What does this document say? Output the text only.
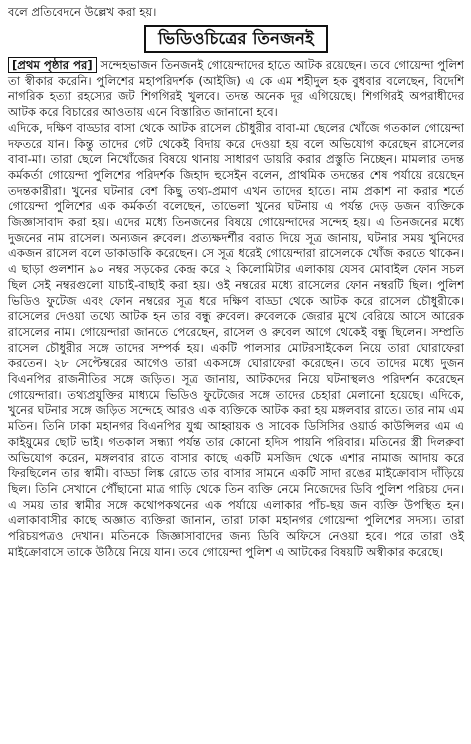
বলে প্রতিবেদনে উল্লেখ করা হয়।
ভিডিওচিত্রের তিনজনই
[প্রথম পৃষ্ঠার পর] সন্দেহভাজন তিনজনই গোয়েন্দাদের হাতে আটক রয়েছেন। তবে গোয়েন্দা পুলিশ তা স্বীকার করেনি। পুলিশের মহাপরিদর্শক (আইজি) এ কে এম শহীদুল হক বুধবার বলেছেন, বিদেশি নাগরিক হত্যা রহস্যের জট শিগগিরই খুলবে। তদন্ত অনেক দূর এগিয়েছে। শিগগিরই অপরাধীদের আটক করে বিচারের আওতায় এনে বিস্তারিত জানানো হবে।
এদিকে, দক্ষিণ বাড্ডার বাসা থেকে আটক রাসেল চৌধুরীর বাবা-মা ছেলের খোঁজে গতকাল গোয়েন্দা দফতরে যান। কিন্তু তাদের গেট থেকেই বিদায় করে দেওয়া হয় বলে অভিযোগ করেছেন রাসেলের বাবা-মা। তারা ছেলে নিখোঁজের বিষয়ে থানায় সাধারণ ডায়রি করার প্রস্তুতি নিচ্ছেন। মামলার তদন্ত কর্মকর্তা গোয়েন্দা পুলিশের পরিদর্শক জিহাদ হুসেইন বলেন, প্রাথমিক তদন্তের শেষ পর্যায়ে রয়েছেন তদন্তকারীরা। খুনের ঘটনার বেশ কিছু তথ্য-প্রমাণ এখন তাদের হাতে। নাম প্রকাশ না করার শর্তে গোয়েন্দা পুলিশের এক কর্মকর্তা বলেছেন, তাভেলা খুনের ঘটনায় এ পর্যন্ত দেড় ডজন ব্যক্তিকে জিজ্ঞাসাবাদ করা হয়। এদের মধ্যে তিনজনের বিষয়ে গোয়েন্দাদের সন্দেহ হয়। এ তিনজনের মধ্যে দুজনের নাম রাসেল। অন্যজন রুবেল। প্রত্যক্ষদর্শীর বরাত দিয়ে সূত্র জানায়, ঘটনার সময় খুনিদের একজন রাসেল বলে ডাকাডাকি করেছেন। সে সূত্র ধরেই গোয়েন্দারা রাসেলকে খোঁজ করতে থাকেন। এ ছাড়া গুলশান ৯০ নম্বর সড়কের কেন্দ্র করে ২ কিলোমিটার এলাকায় যেসব মোবাইল ফোন সচল ছিল সেই নম্বরগুলো যাচাই-বাছাই করা হয়। ওই নম্বরের মধ্যে রাসেলের ফোন নম্বরটি ছিল। পুলিশ ভিডিও ফুটেজ এবং ফোন নম্বরের সূত্র ধরে দক্ষিণ বাড্ডা থেকে আটক করে রাসেল চৌধুরীকে। রাসেলের দেওয়া তথ্যে আটক হন তার বন্ধু রুবেল। রুবেলকে জেরার মুখে বেরিয়ে আসে আরেক রাসেলের নাম। গোয়েন্দারা জানতে পেরেছেন, রাসেল ও রুবেল আগে থেকেই বন্ধু ছিলেন। সম্প্রতি রাসেল চৌধুরীর সঙ্গে তাদের সম্পর্ক হয়। একটি পালসার মোটরসাইকেল নিয়ে তারা ঘোরাফেরা করতেন। ২৮ সেপ্টেম্বরের আগেও তারা একসঙ্গে ঘোরাফেরা করেছেন। তবে তাদের মধ্যে দুজন বিএনপির রাজনীতির সঙ্গে জড়িত। সূত্র জানায়, আটকদের নিয়ে ঘটনাস্থলও পরিদর্শন করেছেন গোয়েন্দারা। তথ্যপ্রযুক্তির মাধ্যমে ভিডিও ফুটেজের সঙ্গে তাদের চেহারা মেলানো হয়েছে। এদিকে, খুনের ঘটনার সঙ্গে জড়িত সন্দেহে আরও এক ব্যক্তিকে আটক করা হয় মঙ্গলবার রাতে। তার নাম এম মতিন। তিনি ঢাকা মহানগর বিএনপির যুগ্ম আহ্বায়ক ও সাবেক ডিসিসির ওয়ার্ড কাউন্সিলর এম এ কাইয়ুমের ছোট ভাই। গতকাল সন্ধ্যা পর্যন্ত তার কোনো হদিস পায়নি পরিবার। মতিনের স্ত্রী দিলরুবা অভিযোগ করেন, মঙ্গলবার রাতে বাসার কাছে একটি মসজিদ থেকে এশার নামাজ আদায় করে ফিরছিলেন তার স্বামী। বাড্ডা লিঙ্ক রোডে তার বাসার সামনে একটি সাদা রঙের মাইক্রোবাস দাঁড়িয়ে ছিল। তিনি সেখানে পৌঁছানো মাত্র গাড়ি থেকে তিন ব্যক্তি নেমে নিজেদের ডিবি পুলিশ পরিচয় দেন। এ সময় তার স্বামীর সঙ্গে কথোপকথনের এক পর্যায়ে এলাকার পাঁচ-ছয় জন ব্যক্তি উপস্থিত হন। এলাকাবাসীর কাছে অজ্ঞাত ব্যক্তিরা জানান, তারা ঢাকা মহানগর গোয়েন্দা পুলিশের সদস্য। তারা পরিচয়পত্রও দেখান। মতিনকে জিজ্ঞাসাবাদের জন্য ডিবি অফিসে নেওয়া হবে। পরে তারা ওই মাইক্রোবাসে তাকে উঠিয়ে নিয়ে যান। তবে গোয়েন্দা পুলিশ এ আটকের বিষয়টি অস্বীকার করেছে।
